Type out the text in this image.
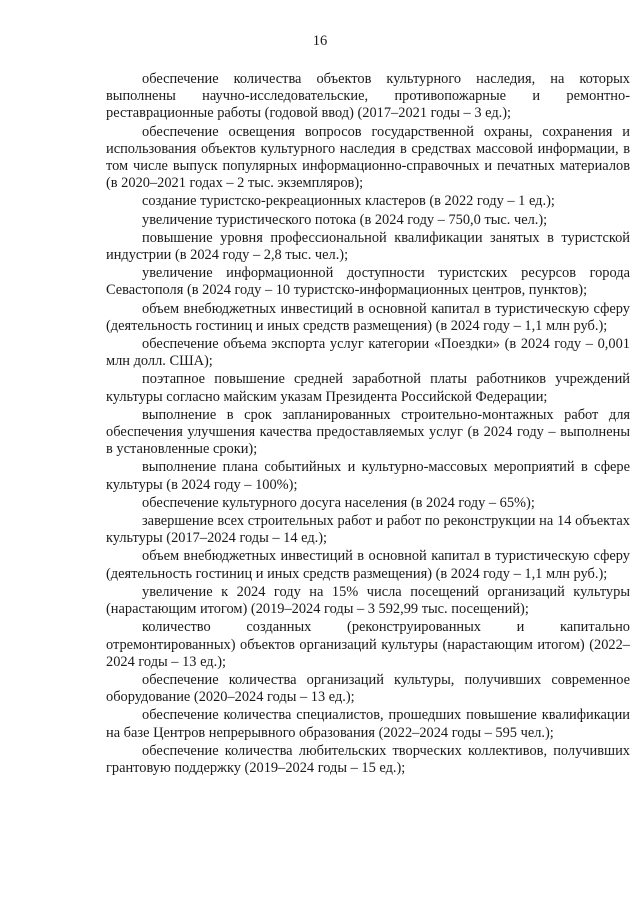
16

обеспечение количества объектов культурного наследия, на которых выполнены научно-исследовательские, противопожарные и ремонтно-реставрационные работы (годовой ввод) (2017–2021 годы – 3 ед.);

обеспечение освещения вопросов государственной охраны, сохранения и использования объектов культурного наследия в средствах массовой информации, в том числе выпуск популярных информационно-справочных и печатных материалов (в 2020–2021 годах – 2 тыс. экземпляров);

создание туристско-рекреационных кластеров (в 2022 году – 1 ед.);

увеличение туристического потока (в 2024 году – 750,0 тыс. чел.);

повышение уровня профессиональной квалификации занятых в туристской индустрии (в 2024 году – 2,8 тыс. чел.);

увеличение информационной доступности туристских ресурсов города Севастополя (в 2024 году – 10 туристско-информационных центров, пунктов);

объем внебюджетных инвестиций в основной капитал в туристическую сферу (деятельность гостиниц и иных средств размещения) (в 2024 году – 1,1 млн руб.);

обеспечение объема экспорта услуг категории «Поездки» (в 2024 году – 0,001 млн долл. США);

поэтапное повышение средней заработной платы работников учреждений культуры согласно майским указам Президента Российской Федерации;

выполнение в срок запланированных строительно-монтажных работ для обеспечения улучшения качества предоставляемых услуг (в 2024 году – выполнены в установленные сроки);

выполнение плана событийных и культурно-массовых мероприятий в сфере культуры (в 2024 году – 100%);

обеспечение культурного досуга населения (в 2024 году – 65%);

завершение всех строительных работ и работ по реконструкции на 14 объектах культуры (2017–2024 годы – 14 ед.);

объем внебюджетных инвестиций в основной капитал в туристическую сферу (деятельность гостиниц и иных средств размещения) (в 2024 году – 1,1 млн руб.);

увеличение к 2024 году на 15% числа посещений организаций культуры (нарастающим итогом) (2019–2024 годы – 3 592,99 тыс. посещений);

количество созданных (реконструированных и капитально отремонтированных) объектов организаций культуры (нарастающим итогом) (2022–2024 годы – 13 ед.);

обеспечение количества организаций культуры, получивших современное оборудование (2020–2024 годы – 13 ед.);

обеспечение количества специалистов, прошедших повышение квалификации на базе Центров непрерывного образования (2022–2024 годы – 595 чел.);

обеспечение количества любительских творческих коллективов, получивших грантовую поддержку (2019–2024 годы – 15 ед.);
